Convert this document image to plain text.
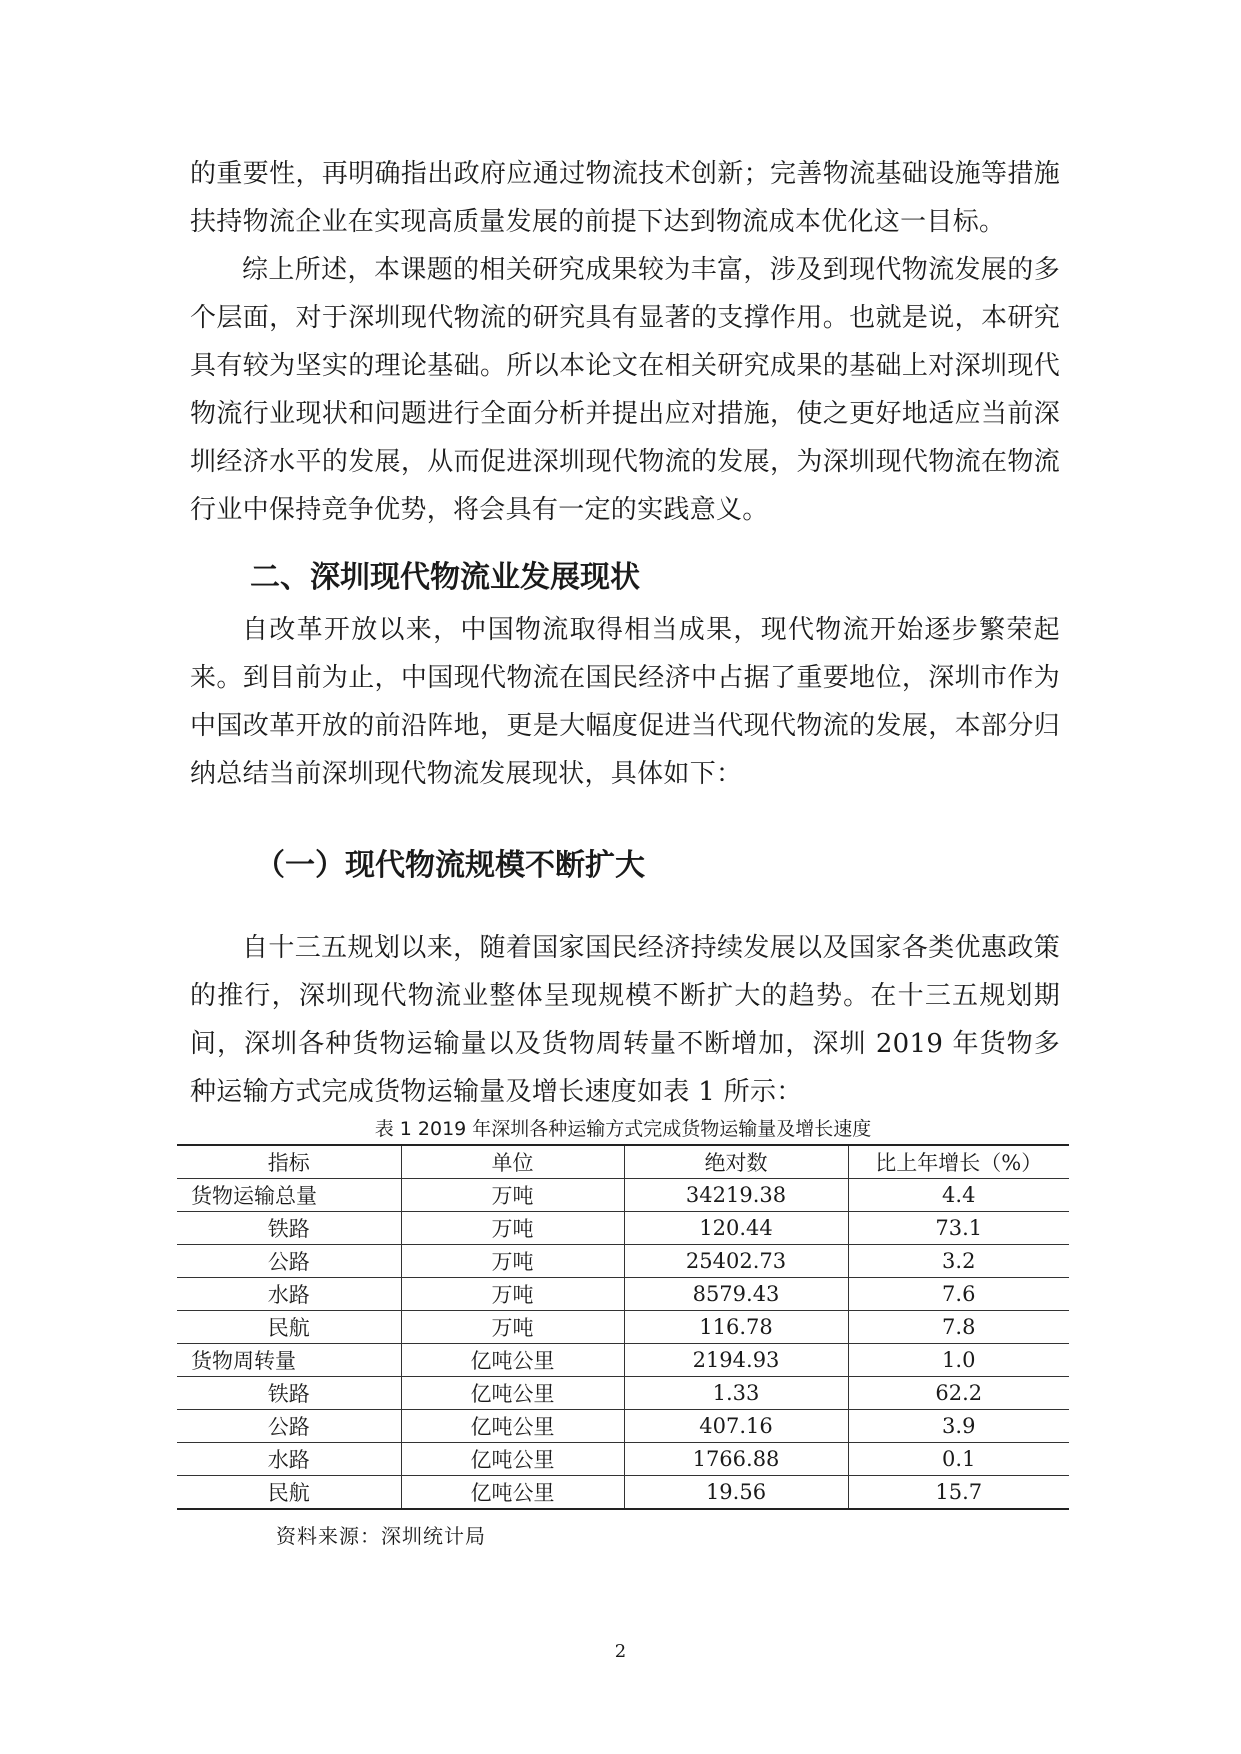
的重要性，再明确指出政府应通过物流技术创新；完善物流基础设施等措施扶持物流企业在实现高质量发展的前提下达到物流成本优化这一目标。

综上所述，本课题的相关研究成果较为丰富，涉及到现代物流发展的多个层面，对于深圳现代物流的研究具有显著的支撑作用。也就是说，本研究具有较为坚实的理论基础。所以本论文在相关研究成果的基础上对深圳现代物流行业现状和问题进行全面分析并提出应对措施，使之更好地适应当前深圳经济水平的发展，从而促进深圳现代物流的发展，为深圳现代物流在物流行业中保持竞争优势，将会具有一定的实践意义。

二、深圳现代物流业发展现状

自改革开放以来，中国物流取得相当成果，现代物流开始逐步繁荣起来。到目前为止，中国现代物流在国民经济中占据了重要地位，深圳市作为中国改革开放的前沿阵地，更是大幅度促进当代现代物流的发展，本部分归纳总结当前深圳现代物流发展现状，具体如下：

（一）现代物流规模不断扩大

自十三五规划以来，随着国家国民经济持续发展以及国家各类优惠政策的推行，深圳现代物流业整体呈现规模不断扩大的趋势。在十三五规划期间，深圳各种货物运输量以及货物周转量不断增加，深圳 2019 年货物多种运输方式完成货物运输量及增长速度如表 1 所示：

表 1 2019 年深圳各种运输方式完成货物运输量及增长速度
指标	单位	绝对数	比上年增长（%）
货物运输总量	万吨	34219.38	4.4
铁路	万吨	120.44	73.1
公路	万吨	25402.73	3.2
水路	万吨	8579.43	7.6
民航	万吨	116.78	7.8
货物周转量	亿吨公里	2194.93	1.0
铁路	亿吨公里	1.33	62.2
公路	亿吨公里	407.16	3.9
水路	亿吨公里	1766.88	0.1
民航	亿吨公里	19.56	15.7
资料来源：深圳统计局
2
